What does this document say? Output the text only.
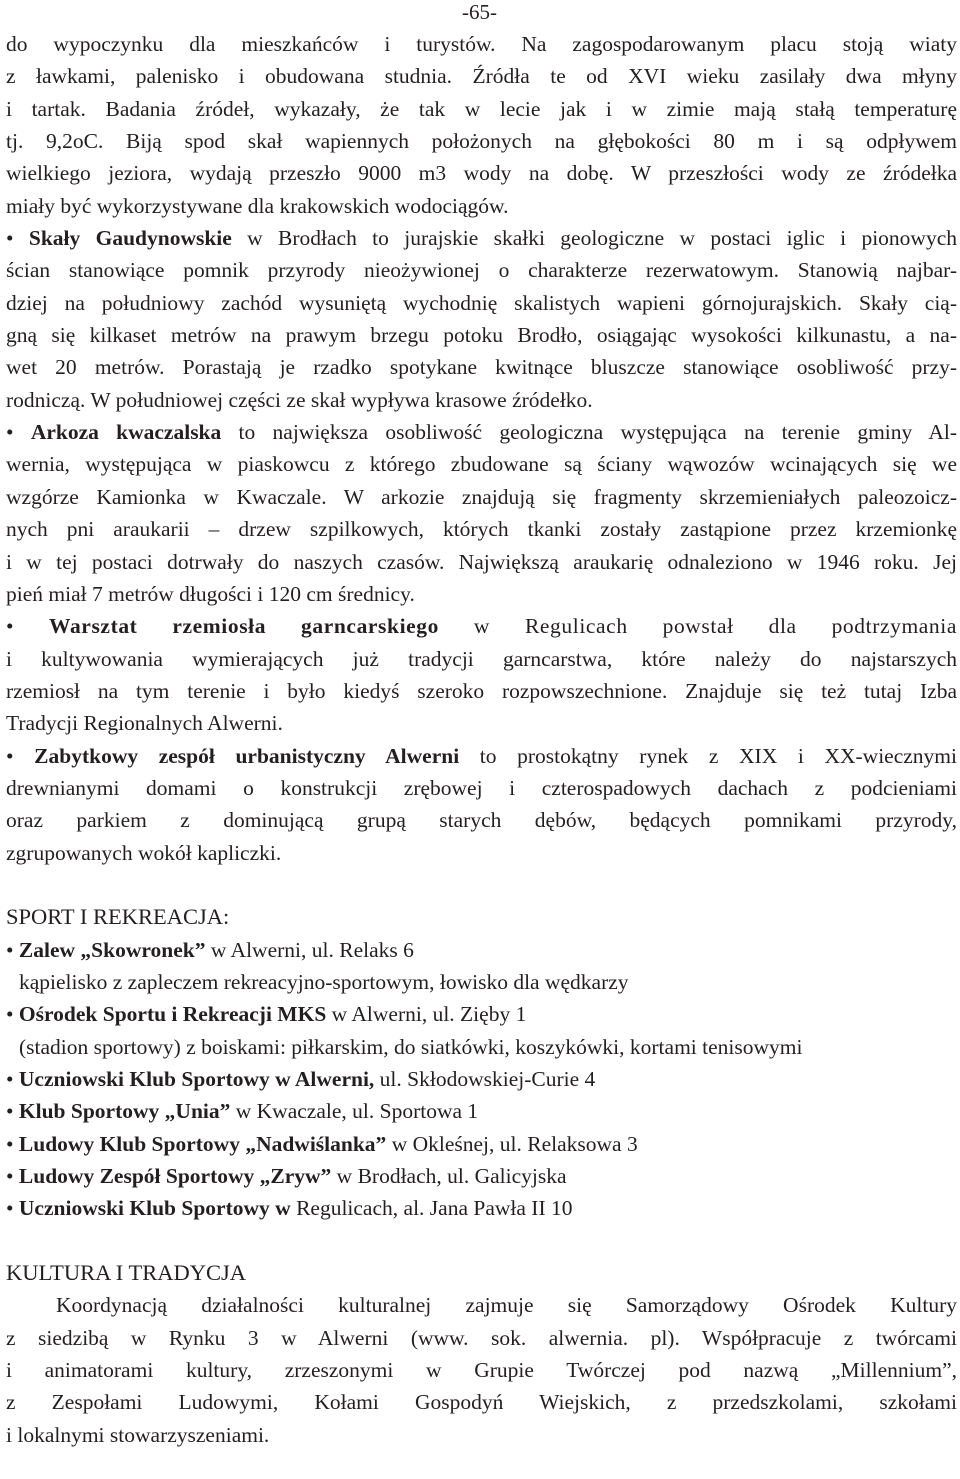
-65-
do wypoczynku dla mieszkańców i turystów. Na zagospodarowanym placu stoją wiaty
z ławkami, palenisko i obudowana studnia. Źródła te od XVI wieku zasilały dwa młyny
i tartak. Badania źródeł, wykazały, że tak w lecie jak i w zimie mają stałą temperaturę
tj. 9,2oC. Biją spod skał wapiennych położonych na głębokości 80 m i są odpływem
wielkiego jeziora, wydają przeszło 9000 m3 wody na dobę. W przeszłości wody ze źródełka
miały być wykorzystywane dla krakowskich wodociągów.
• Skały Gaudynowskie w Brodłach to jurajskie skałki geologiczne w postaci iglic i pionowych
ścian stanowiące pomnik przyrody nieożywionej o charakterze rezerwatowym. Stanowią najbar-
dziej na południowy zachód wysuniętą wychodnię skalistych wapieni górnojurajskich. Skały cią-
gną się kilkaset metrów na prawym brzegu potoku Brodło, osiągając wysokości kilkunastu, a na-
wet 20 metrów. Porastają je rzadko spotykane kwitnące bluszcze stanowiące osobliwość przy-
rodniczą. W południowej części ze skał wypływa krasowe źródełko.
• Arkoza kwaczalska to największa osobliwość geologiczna występująca na terenie gminy Al-
wernia, występująca w piaskowcu z którego zbudowane są ściany wąwozów wcinających się we
wzgórze Kamionka w Kwaczale. W arkozie znajdują się fragmenty skrzemieniałych paleozoicz-
nych pni araukarii – drzew szpilkowych, których tkanki zostały zastąpione przez krzemionkę
i w tej postaci dotrwały do naszych czasów. Największą araukarię odnaleziono w 1946 roku. Jej
pień miał 7 metrów długości i 120 cm średnicy.
• Warsztat rzemiosła garncarskiego w Regulicach powstał dla podtrzymania
i kultywowania wymierających już tradycji garncarstwa, które należy do najstarszych
rzemiosł na tym terenie i było kiedyś szeroko rozpowszechnione. Znajduje się też tutaj Izba
Tradycji Regionalnych Alwerni.
• Zabytkowy zespół urbanistyczny Alwerni to prostokątny rynek z XIX i XX-wiecznymi
drewnianymi domami o konstrukcji zrębowej i czterospadowych dachach z podcieniami
oraz parkiem z dominującą grupą starych dębów, będących pomnikami przyrody,
zgrupowanych wokół kapliczki.
SPORT I REKREACJA:
• Zalew „Skowronek” w Alwerni, ul. Relaks 6
kąpielisko z zapleczem rekreacyjno-sportowym, łowisko dla wędkarzy
• Ośrodek Sportu i Rekreacji MKS w Alwerni, ul. Zięby 1
(stadion sportowy) z boiskami: piłkarskim, do siatkówki, koszykówki, kortami tenisowymi
• Uczniowski Klub Sportowy w Alwerni, ul. Skłodowskiej-Curie 4
• Klub Sportowy „Unia” w Kwaczale, ul. Sportowa 1
• Ludowy Klub Sportowy „Nadwiślanka” w Okleśnej, ul. Relaksowa 3
• Ludowy Zespół Sportowy „Zryw” w Brodłach, ul. Galicyjska
• Uczniowski Klub Sportowy w Regulicach, al. Jana Pawła II 10
KULTURA I TRADYCJA
Koordynacją działalności kulturalnej zajmuje się Samorządowy Ośrodek Kultury
z siedzibą w Rynku 3 w Alwerni (www. sok. alwernia. pl). Współpracuje z twórcami
i animatorami kultury, zrzeszonymi w Grupie Twórczej pod nazwą „Millennium”,
z Zespołami Ludowymi, Kołami Gospodyń Wiejskich, z przedszkolami, szkołami
i lokalnymi stowarzyszeniami.
